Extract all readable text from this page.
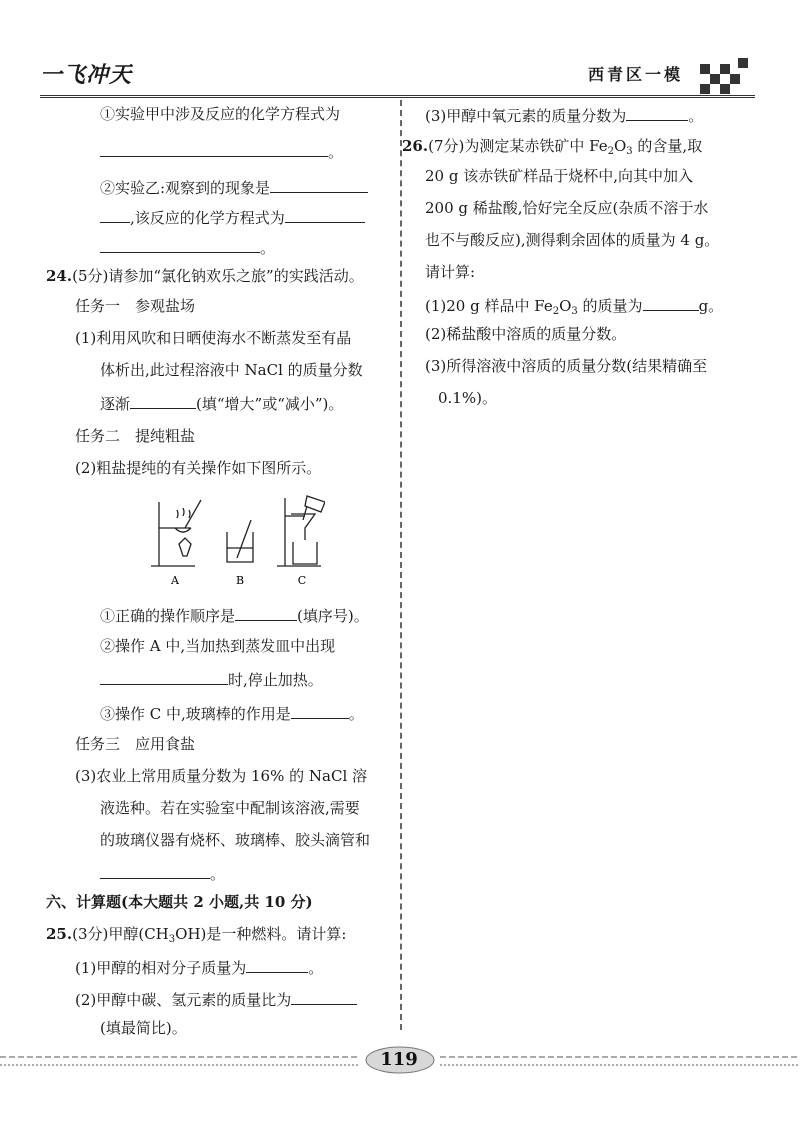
一飞冲天	西青区一模
①实验甲中涉及反应的化学方程式为
。
②实验乙:观察到的现象是
,该反应的化学方程式为
。
24.(5分)请参加“氯化钠欢乐之旅”的实践活动。
任务一　参观盐场
(1)利用风吹和日晒使海水不断蒸发至有晶
体析出,此过程溶液中 NaCl 的质量分数
逐渐	(填“增大”或“减小”)。
任务二　提纯粗盐
(2)粗盐提纯的有关操作如下图所示。
A	B	C
①正确的操作顺序是	(填序号)。
②操作 A 中,当加热到蒸发皿中出现
时,停止加热。
③操作 C 中,玻璃棒的作用是	。
任务三　应用食盐
(3)农业上常用质量分数为 16% 的 NaCl 溶
液选种。若在实验室中配制该溶液,需要
的玻璃仪器有烧杯、玻璃棒、胶头滴管和
。
六、计算题(本大题共 2 小题,共 10 分)
25.(3分)甲醇$(CH_3OH)$是一种燃料。请计算:
(1)甲醇的相对分子质量为	。
(2)甲醇中碳、氢元素的质量比为
(填最简比)。
(3)甲醇中氧元素的质量分数为	。
26.(7分)为测定某赤铁矿中 $Fe_2O_3$ 的含量,取
20 g 该赤铁矿样品于烧杯中,向其中加入
200 g 稀盐酸,恰好完全反应(杂质不溶于水
也不与酸反应),测得剩余固体的质量为 4 g。
请计算:
(1)20 g 样品中 $Fe_2O_3$ 的质量为	g。
(2)稀盐酸中溶质的质量分数。
(3)所得溶液中溶质的质量分数(结果精确至
0.1%)。
119
